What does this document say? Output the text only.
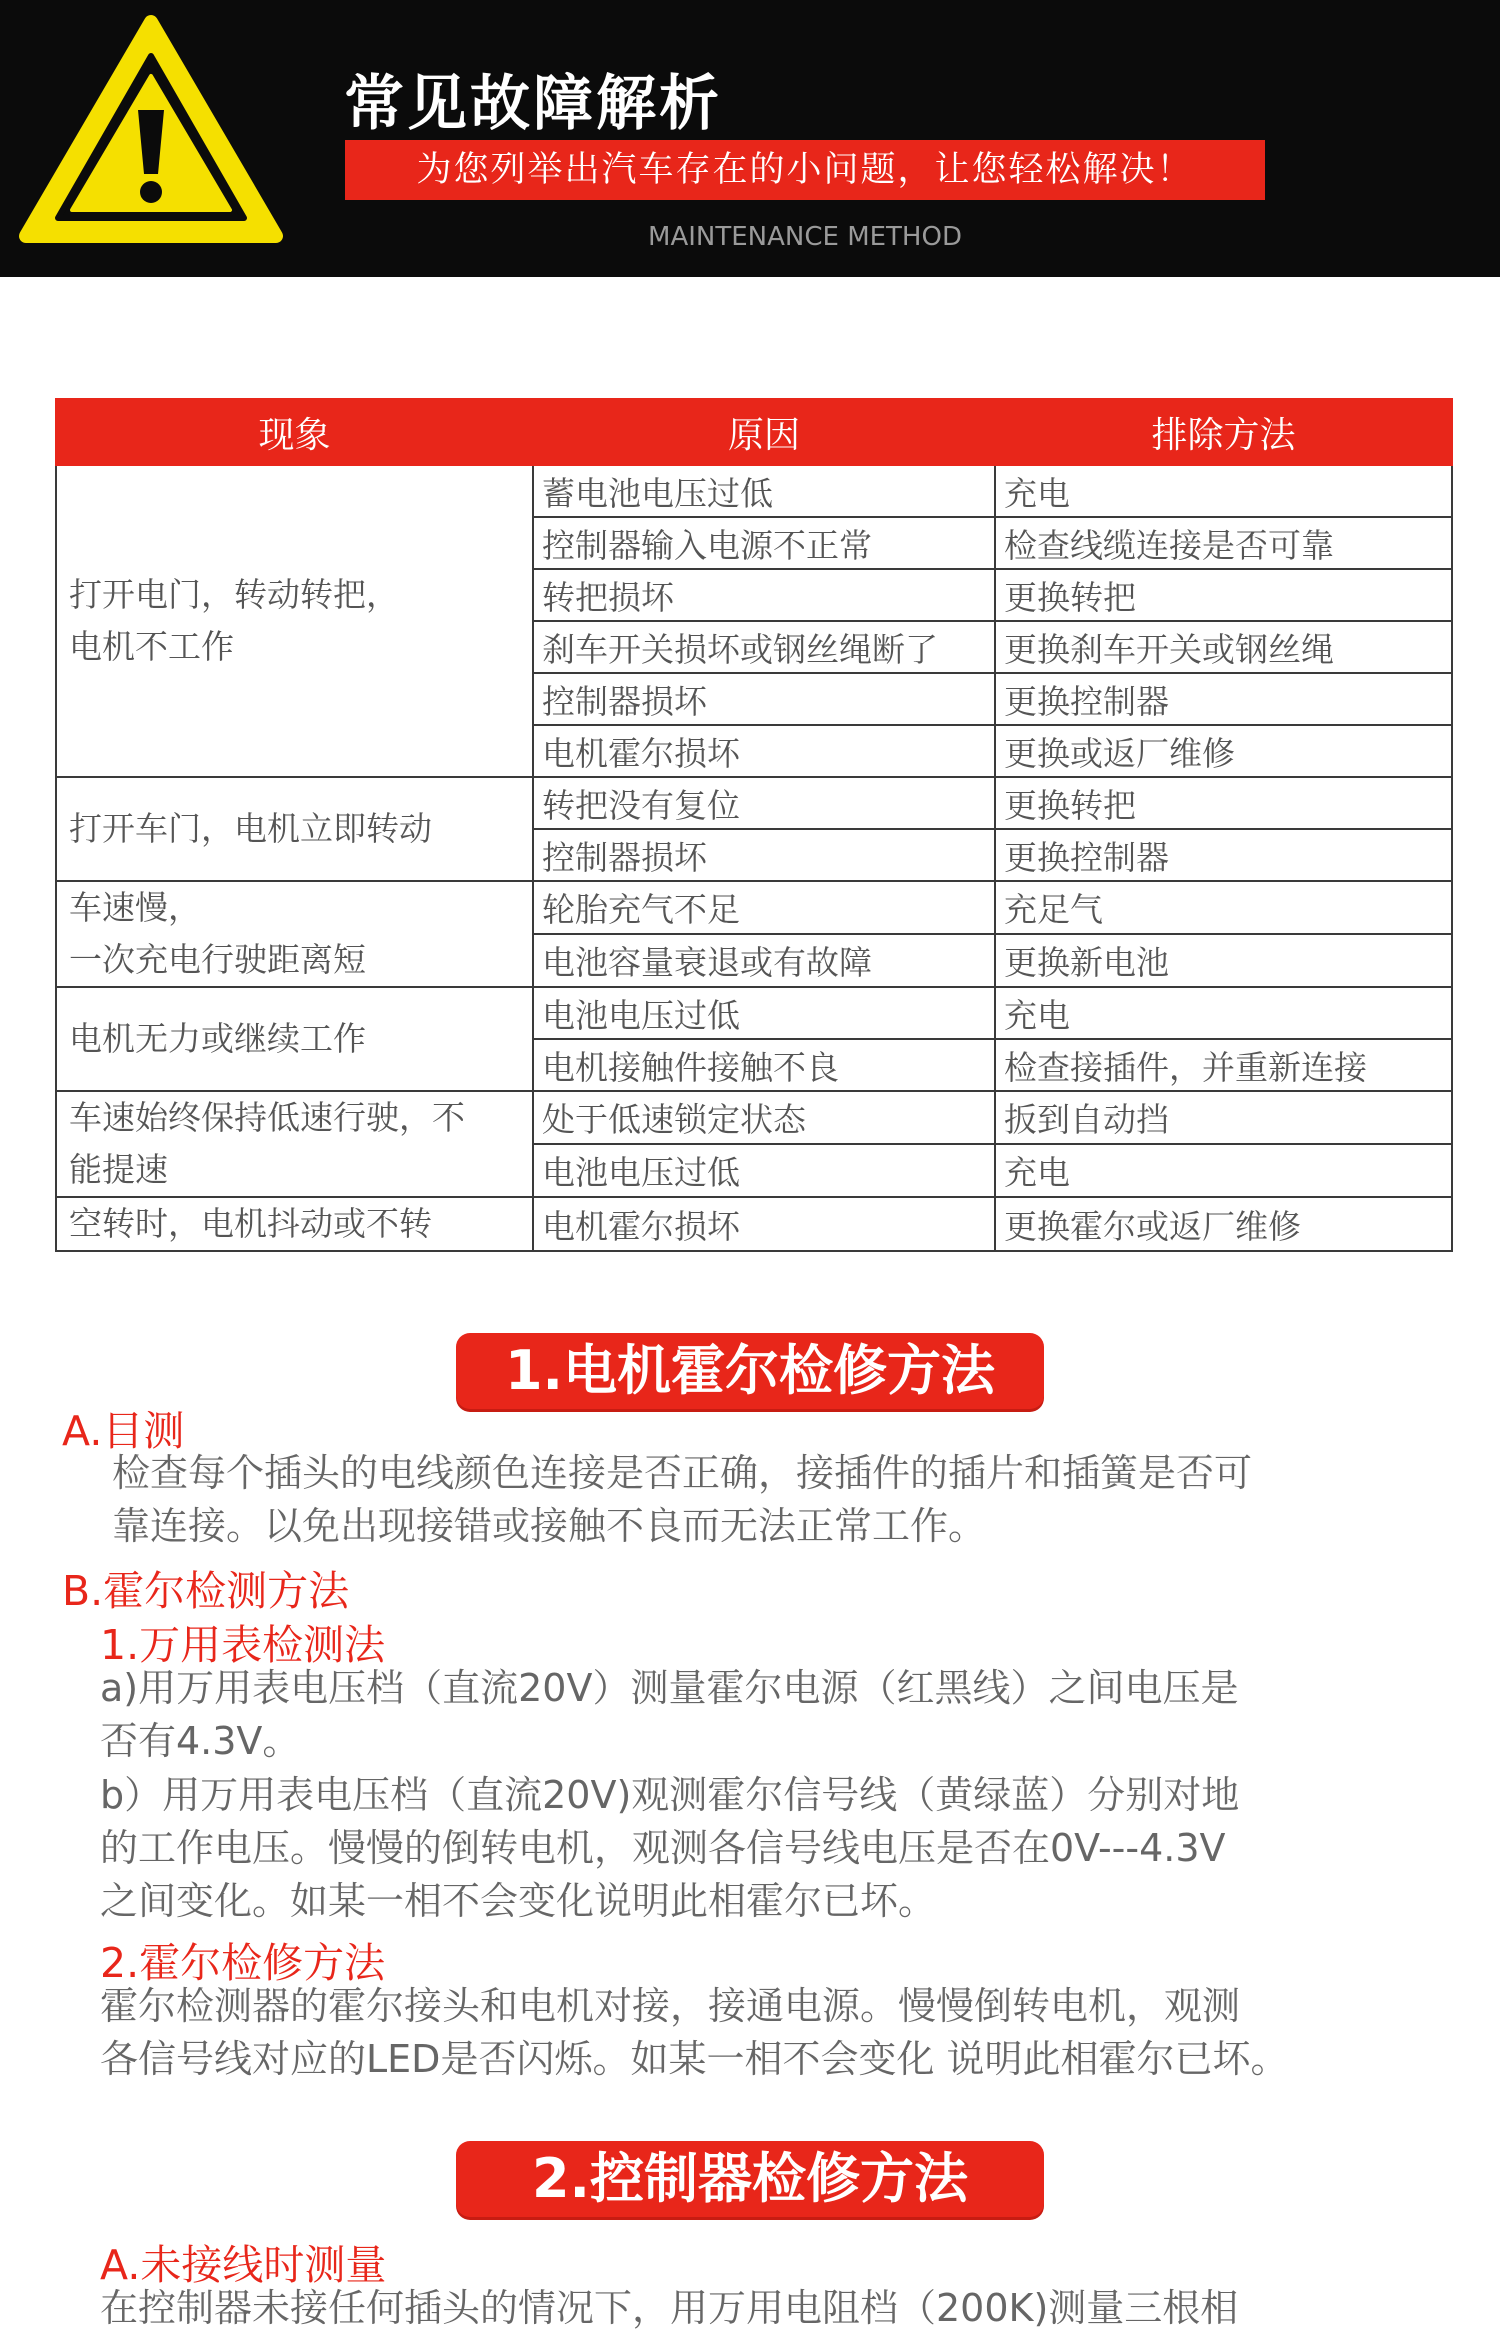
常见故障解析
为您列举出汽车存在的小问题，让您轻松解决！
MAINTENANCE METHOD
现象	原因	排除方法

打开电门，转动转把，
电机不工作	蓄电池电压过低	充电
	控制器输入电源不正常	检查线缆连接是否可靠
	转把损坏	更换转把
	刹车开关损坏或钢丝绳断了	更换刹车开关或钢丝绳
	控制器损坏	更换控制器
	电机霍尔损坏	更换或返厂维修

打开车门，电机立即转动	转把没有复位	更换转把
	控制器损坏	更换控制器

车速慢，
一次充电行驶距离短	轮胎充气不足	充足气
	电池容量衰退或有故障	更换新电池

电机无力或继续工作	电池电压过低	充电
	电机接触件接触不良	检查接插件，并重新连接

车速始终保持低速行驶，不
能提速	处于低速锁定状态	扳到自动挡
	电池电压过低	充电

空转时，电机抖动或不转	电机霍尔损坏	更换霍尔或返厂维修
1.电机霍尔检修方法
A.目测
检查每个插头的电线颜色连接是否正确，接插件的插片和插簧是否可
靠连接。以免出现接错或接触不良而无法正常工作。
B.霍尔检测方法
1.万用表检测法
a)用万用表电压档（直流20V）测量霍尔电源（红黑线）之间电压是
否有4.3V。
b）用万用表电压档（直流20V)观测霍尔信号线（黄绿蓝）分别对地
的工作电压。慢慢的倒转电机，观测各信号线电压是否在0V---4.3V
之间变化。如某一相不会变化说明此相霍尔已坏。
2.霍尔检修方法
霍尔检测器的霍尔接头和电机对接，接通电源。慢慢倒转电机，观测
各信号线对应的LED是否闪烁。如某一相不会变化 说明此相霍尔已坏。
2.控制器检修方法
A.未接线时测量
在控制器未接任何插头的情况下，用万用电阻档（200K)测量三根相
